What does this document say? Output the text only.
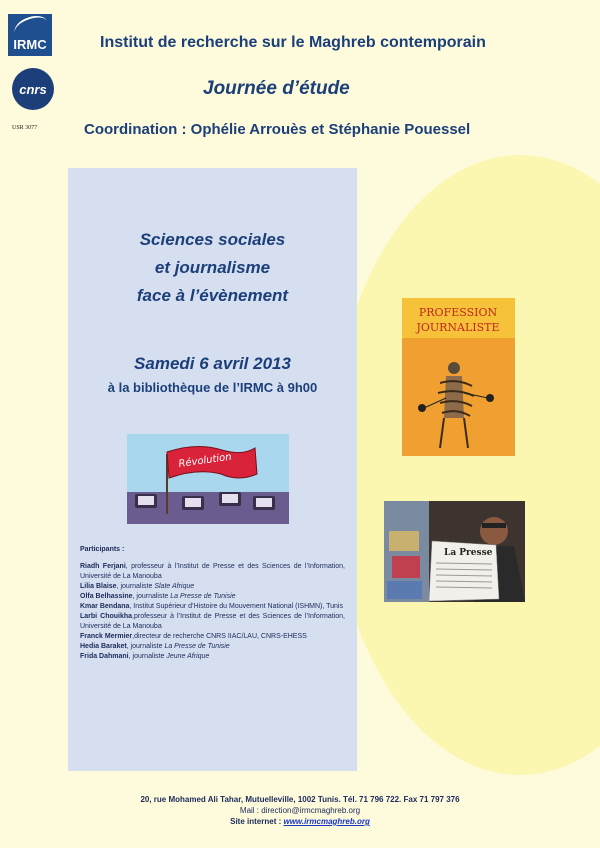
IRMC
cnrs
USR 3077
Institut de recherche sur le Maghreb contemporain
Journée d’étude
Coordination : Ophélie Arrouès et Stéphanie Pouessel
Sciences sociales
et journalisme
face à l’évènement
Samedi 6 avril 2013
à la bibliothèque de l’IRMC à 9h00
Révolution
PROFESSION
JOURNALISTE
La Presse
Participants :
Riadh Ferjani, professeur à l’Institut de Presse et des Sciences de l’Information, Université de La Manouba
Lilia Blaise, journaliste Slate Afrique
Olfa Belhassine, journaliste La Presse de Tunisie
Kmar Bendana, Institut Supérieur d’Histoire du Mouvement National (ISHMN), Tunis
Larbi Chouikha,professeur à l’Institut de Presse et des Sciences de l’Information, Université de La Manouba
Franck Mermier,directeur de recherche CNRS IIAC/LAU, CNRS-EHESS
Hedia Baraket, journaliste La Presse de Tunisie
Frida Dahmani, journaliste Jeune Afrique
20, rue Mohamed Ali Tahar, Mutuelleville, 1002 Tunis. Tél. 71 796 722. Fax 71 797 376
Mail : direction@irmcmaghreb.org
Site internet : www.irmcmaghreb.org
